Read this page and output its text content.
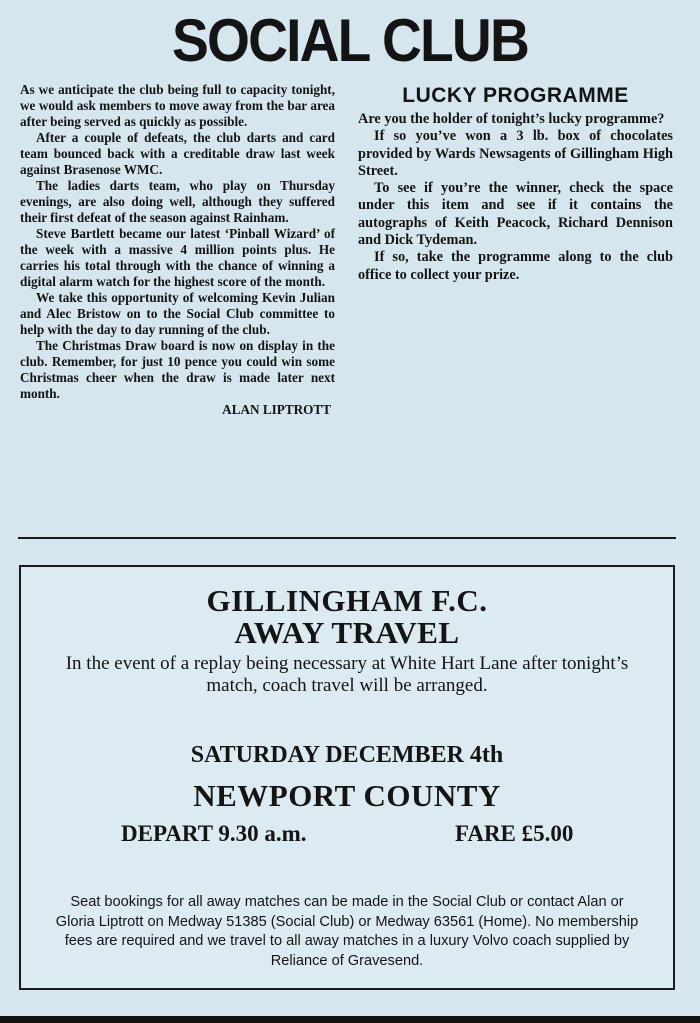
SOCIAL CLUB

As we anticipate the club being full to capacity tonight, we would ask members to move away from the bar area after being served as quickly as possible.

After a couple of defeats, the club darts and card team bounced back with a creditable draw last week against Brasenose WMC.

The ladies darts team, who play on Thursday evenings, are also doing well, although they suffered their first defeat of the season against Rainham.

Steve Bartlett became our latest ‘Pinball Wizard’ of the week with a massive 4 million points plus. He carries his total through with the chance of winning a digital alarm watch for the highest score of the month.

We take this opportunity of welcoming Kevin Julian and Alec Bristow on to the Social Club committee to help with the day to day running of the club.

The Christmas Draw board is now on display in the club. Remember, for just 10 pence you could win some Christmas cheer when the draw is made later next month.

ALAN LIPTROTT

LUCKY PROGRAMME

Are you the holder of tonight’s lucky programme?

If so you’ve won a 3 lb. box of chocolates provided by Wards Newsagents of Gillingham High Street.

To see if you’re the winner, check the space under this item and see if it contains the autographs of Keith Peacock, Richard Dennison and Dick Tydeman.

If so, take the programme along to the club office to collect your prize.

GILLINGHAM F.C.
AWAY TRAVEL
In the event of a replay being necessary at White Hart Lane after tonight’s match, coach travel will be arranged.
SATURDAY DECEMBER 4th
NEWPORT COUNTY
DEPART 9.30 a.m.	FARE £5.00
Seat bookings for all away matches can be made in the Social Club or contact Alan or Gloria Liptrott on Medway 51385 (Social Club) or Medway 63561 (Home). No membership fees are required and we travel to all away matches in a luxury Volvo coach supplied by Reliance of Gravesend.
